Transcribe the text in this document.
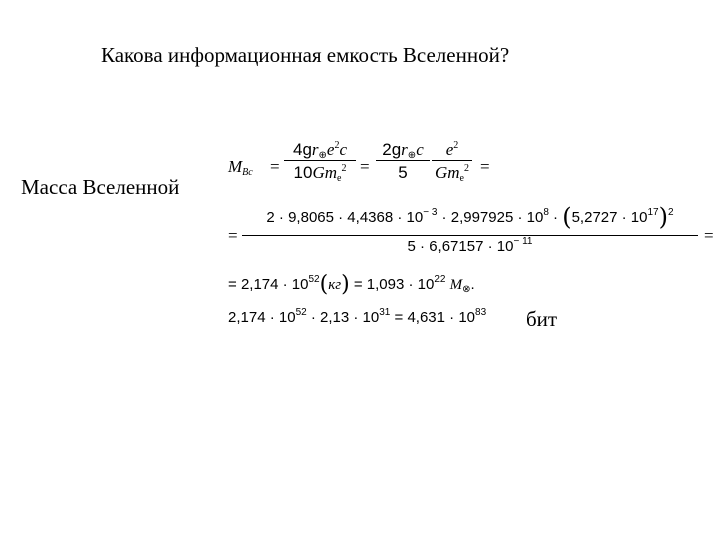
Какова информационная емкость Вселенной?
Масса Вселенной
$M_{Вс}$ =
$4gr_\oplus e^2c$
$10Gm_e^2$ =
$2gr_\oplus c$
5
$e^2$
$Gm_e^2$ =
=
$2 \cdot 9,8065 \cdot 4,4368 \cdot 10^{- 3} \cdot 2,997925 \cdot 10^8 \cdot (5,2727 \cdot 10^{17})^2$
$5 \cdot 6,67157 \cdot 10^{- 11}$	=
= $2,174 \cdot 10^{52}(кг) = 1,093 \cdot 10^{22}$ $M_\otimes$.
$2,174 \cdot 10^{52} \cdot 2,13 \cdot 10^{31} = 4,631 \cdot 10^{83}$ бит
